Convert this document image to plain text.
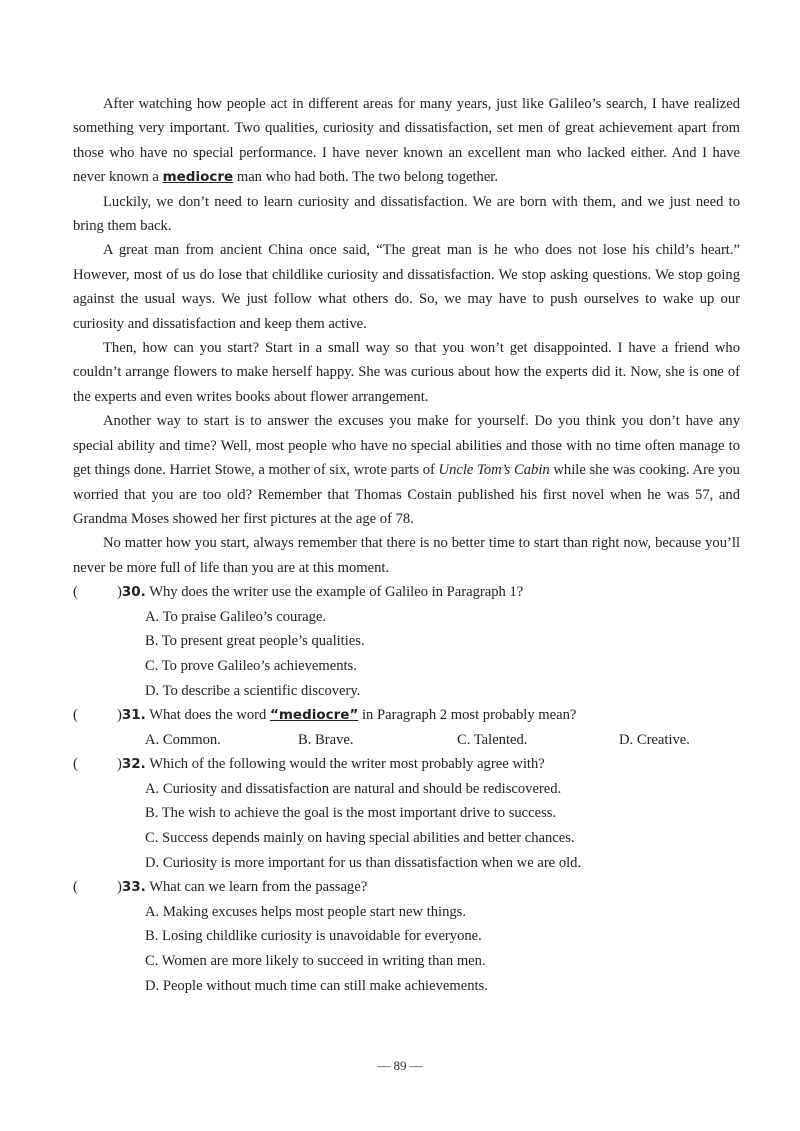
After watching how people act in different areas for many years, just like Galileo’s search, I have realized something very important. Two qualities, curiosity and dissatisfaction, set men of great achievement apart from those who have no special performance. I have never known an excellent man who lacked either. And I have never known a mediocre man who had both. The two belong together.

Luckily, we don’t need to learn curiosity and dissatisfaction. We are born with them, and we just need to bring them back.

A great man from ancient China once said, “The great man is he who does not lose his child’s heart.” However, most of us do lose that childlike curiosity and dissatisfaction. We stop asking questions. We stop going against the usual ways. We just follow what others do. So, we may have to push ourselves to wake up our curiosity and dissatisfaction and keep them active.

Then, how can you start? Start in a small way so that you won’t get disappointed. I have a friend who couldn’t arrange flowers to make herself happy. She was curious about how the experts did it. Now, she is one of the experts and even writes books about flower arrangement.

Another way to start is to answer the excuses you make for yourself. Do you think you don’t have any special ability and time? Well, most people who have no special abilities and those with no time often manage to get things done. Harriet Stowe, a mother of six, wrote parts of Uncle Tom’s Cabin while she was cooking. Are you worried that you are too old? Remember that Thomas Costain published his first novel when he was 57, and Grandma Moses showed her first pictures at the age of 78.

No matter how you start, always remember that there is no better time to start than right now, because you’ll never be more full of life than you are at this moment.

(	)30. Why does the writer use the example of Galileo in Paragraph 1?
A. To praise Galileo’s courage.
B. To present great people’s qualities.
C. To prove Galileo’s achievements.
D. To describe a scientific discovery.
(	)31. What does the word “mediocre” in Paragraph 2 most probably mean?
A. Common.	B. Brave.	C. Talented.	D. Creative.
(	)32. Which of the following would the writer most probably agree with?
A. Curiosity and dissatisfaction are natural and should be rediscovered.
B. The wish to achieve the goal is the most important drive to success.
C. Success depends mainly on having special abilities and better chances.
D. Curiosity is more important for us than dissatisfaction when we are old.
(	)33. What can we learn from the passage?
A. Making excuses helps most people start new things.
B. Losing childlike curiosity is unavoidable for everyone.
C. Women are more likely to succeed in writing than men.
D. People without much time can still make achievements.
— 89 —
